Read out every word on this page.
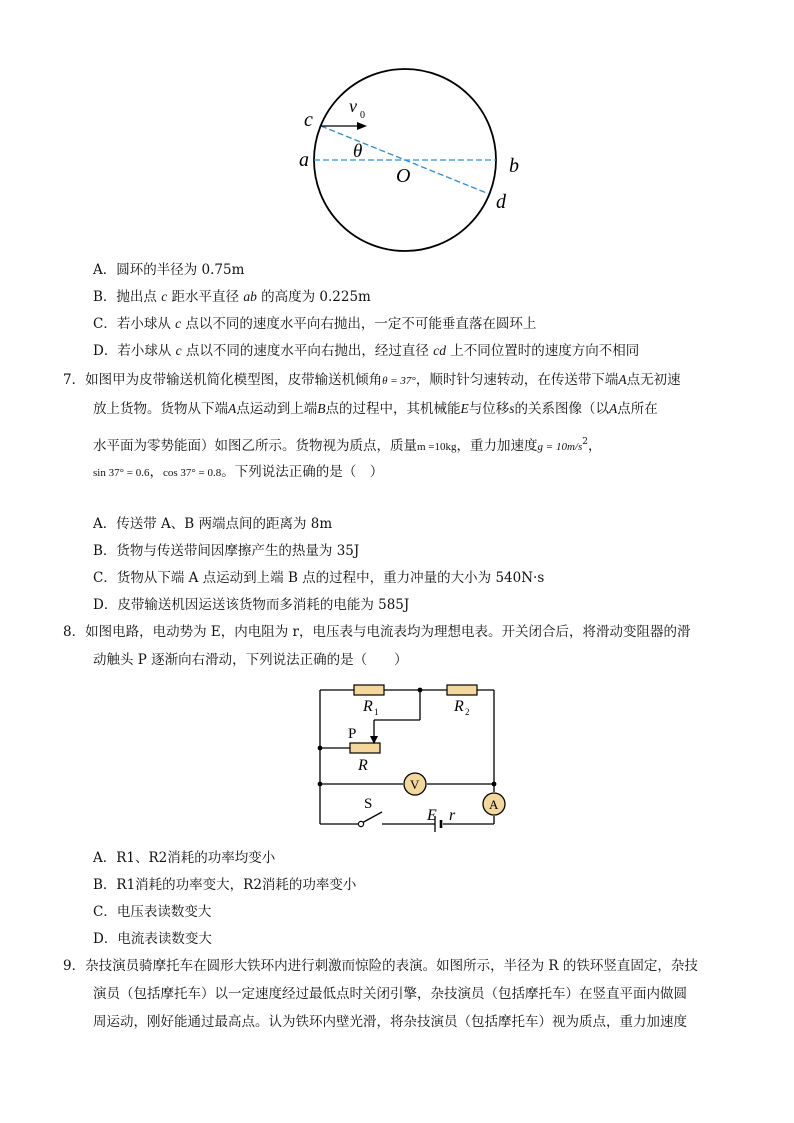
c
v 0
a θ
O	b
d
A．圆环的半径为 0.75m
B．抛出点 c 距水平直径 ab 的高度为 0.225m
C．若小球从 c 点以不同的速度水平向右抛出，一定不可能垂直落在圆环上
D．若小球从 c 点以不同的速度水平向右抛出，经过直径 cd 上不同位置时的速度方向不相同
7．如图甲为皮带输送机简化模型图，皮带输送机倾角θ = 37°，顺时针匀速转动，在传送带下端A点无初速
放上货物。货物从下端A点运动到上端B点的过程中，其机械能E与位移s的关系图像（以A点所在
水平面为零势能面）如图乙所示。货物视为质点，质量m =10kg，重力加速度$g = 10m/s^2$，
sin 37° = 0.6，cos 37° = 0.8。下列说法正确的是（　）
A．传送带 A、B 两端点间的距离为 8m
B．货物与传送带间因摩擦产生的热量为 35J
C．货物从下端 A 点运动到上端 B 点的过程中，重力冲量的大小为 540N·s
D．皮带输送机因运送该货物而多消耗的电能为 585J
8．如图电路，电动势为 E，内电阻为 r，电压表与电流表均为理想电表。开关闭合后，将滑动变阻器的滑
动触头 P 逐渐向右滑动，下列说法正确的是（　　）
R 1	R 2
P
R
V
A
S
E r
A．R1、R2消耗的功率均变小
B．R1消耗的功率变大，R2消耗的功率变小
C．电压表读数变大
D．电流表读数变大
9．杂技演员骑摩托车在圆形大铁环内进行刺激而惊险的表演。如图所示，半径为 R 的铁环竖直固定，杂技
演员（包括摩托车）以一定速度经过最低点时关闭引擎，杂技演员（包括摩托车）在竖直平面内做圆
周运动，刚好能通过最高点。认为铁环内壁光滑，将杂技演员（包括摩托车）视为质点，重力加速度
